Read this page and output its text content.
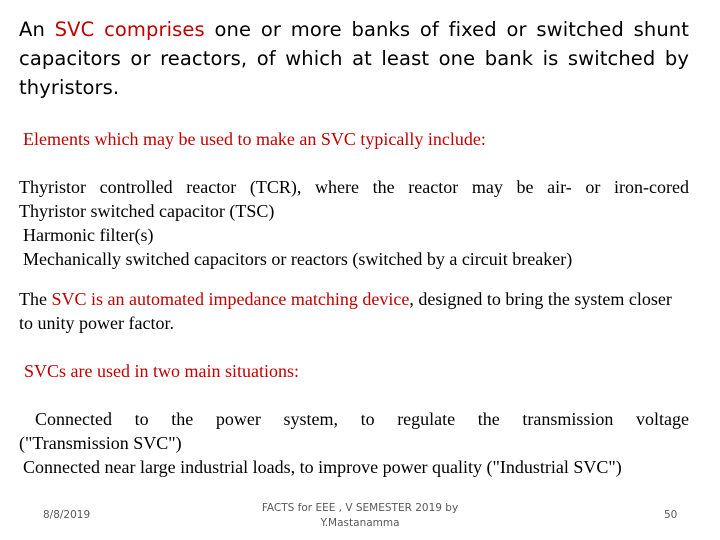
An SVC comprises one or more banks of fixed or switched shunt capacitors or reactors, of which at least one bank is switched by thyristors.
Elements which may be used to make an SVC typically include:
Thyristor controlled reactor (TCR), where the reactor may be air- or iron-cored
Thyristor switched capacitor (TSC)
Harmonic filter(s)
Mechanically switched capacitors or reactors (switched by a circuit breaker)
The SVC is an automated impedance matching device, designed to bring the system closer to unity power factor.
SVCs are used in two main situations:
Connected to the power system, to regulate the transmission voltage
("Transmission SVC")
Connected near large industrial loads, to improve power quality ("Industrial SVC")
8/8/2019
FACTS for EEE , V SEMESTER 2019 by
Y.Mastanamma
50
